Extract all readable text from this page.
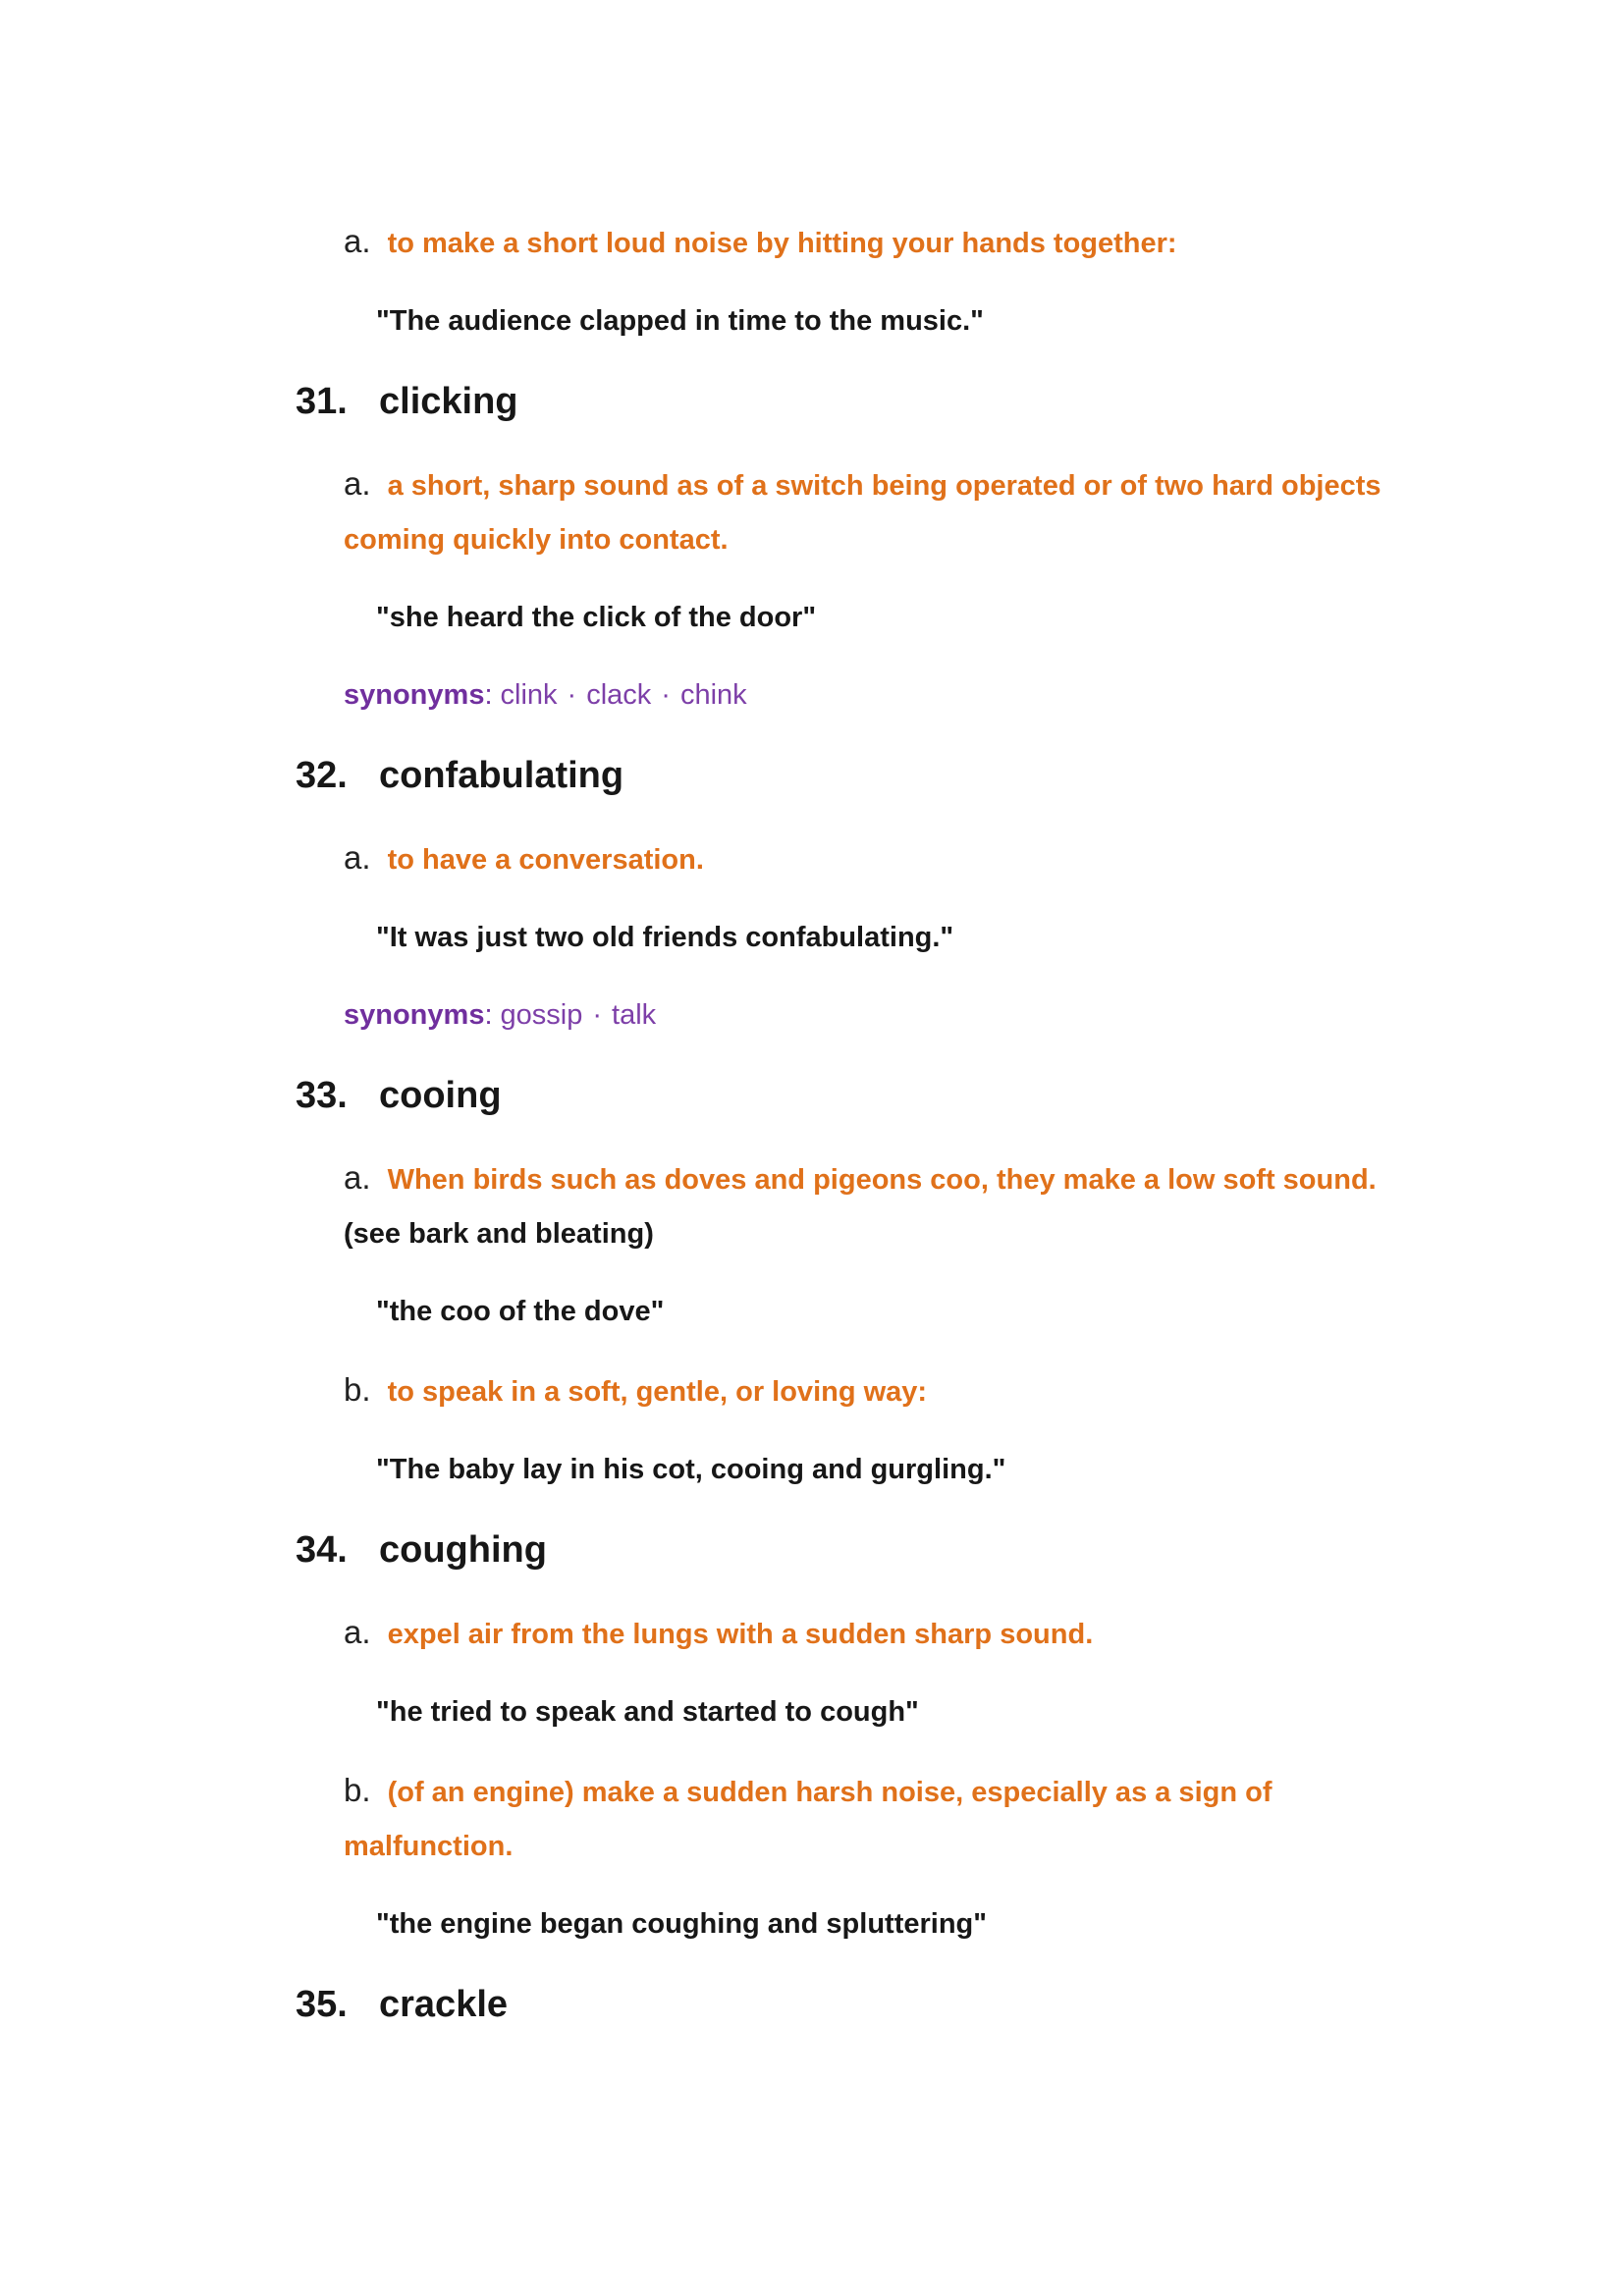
a. to make a short loud noise by hitting your hands together:

"The audience clapped in time to the music."

31. clicking

a. a short, sharp sound as of a switch being operated or of two hard objects
coming quickly into contact.

"she heard the click of the door"

synonyms: clink · clack · chink

32. confabulating

a. to have a conversation.

"It was just two old friends confabulating."

synonyms: gossip · talk

33. cooing

a. When birds such as doves and pigeons coo, they make a low soft sound.
(see bark and bleating)

"the coo of the dove"

b. to speak in a soft, gentle, or loving way:

"The baby lay in his cot, cooing and gurgling."

34. coughing

a. expel air from the lungs with a sudden sharp sound.

"he tried to speak and started to cough"

b. (of an engine) make a sudden harsh noise, especially as a sign of
malfunction.

"the engine began coughing and spluttering"

35. crackle
